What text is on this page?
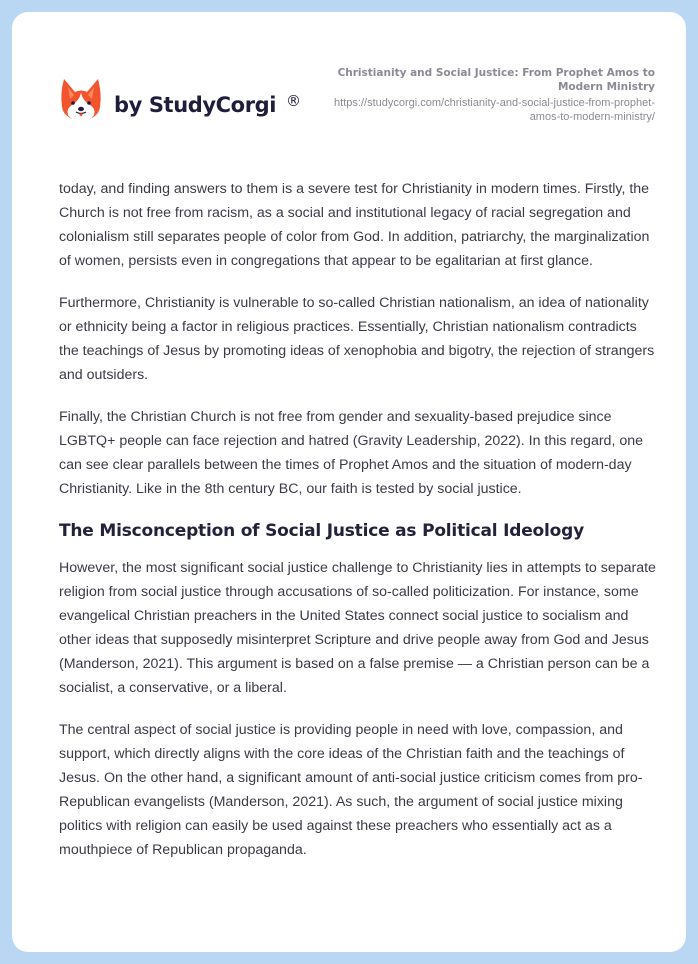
by StudyCorgi ®
Christianity and Social Justice: From Prophet Amos to Modern Ministry
https://studycorgi.com/christianity-and-social-justice-from-prophet-amos-to-modern-ministry/

today, and finding answers to them is a severe test for Christianity in modern times. Firstly, the Church is not free from racism, as a social and institutional legacy of racial segregation and colonialism still separates people of color from God. In addition, patriarchy, the marginalization of women, persists even in congregations that appear to be egalitarian at first glance.

Furthermore, Christianity is vulnerable to so-called Christian nationalism, an idea of nationality or ethnicity being a factor in religious practices. Essentially, Christian nationalism contradicts the teachings of Jesus by promoting ideas of xenophobia and bigotry, the rejection of strangers and outsiders.

Finally, the Christian Church is not free from gender and sexuality-based prejudice since LGBTQ+ people can face rejection and hatred (Gravity Leadership, 2022). In this regard, one can see clear parallels between the times of Prophet Amos and the situation of modern-day Christianity. Like in the 8th century BC, our faith is tested by social justice.

The Misconception of Social Justice as Political Ideology

However, the most significant social justice challenge to Christianity lies in attempts to separate religion from social justice through accusations of so-called politicization. For instance, some evangelical Christian preachers in the United States connect social justice to socialism and other ideas that supposedly misinterpret Scripture and drive people away from God and Jesus (Manderson, 2021). This argument is based on a false premise — a Christian person can be a socialist, a conservative, or a liberal.

The central aspect of social justice is providing people in need with love, compassion, and support, which directly aligns with the core ideas of the Christian faith and the teachings of Jesus. On the other hand, a significant amount of anti-social justice criticism comes from pro-Republican evangelists (Manderson, 2021). As such, the argument of social justice mixing politics with religion can easily be used against these preachers who essentially act as a mouthpiece of Republican propaganda.
